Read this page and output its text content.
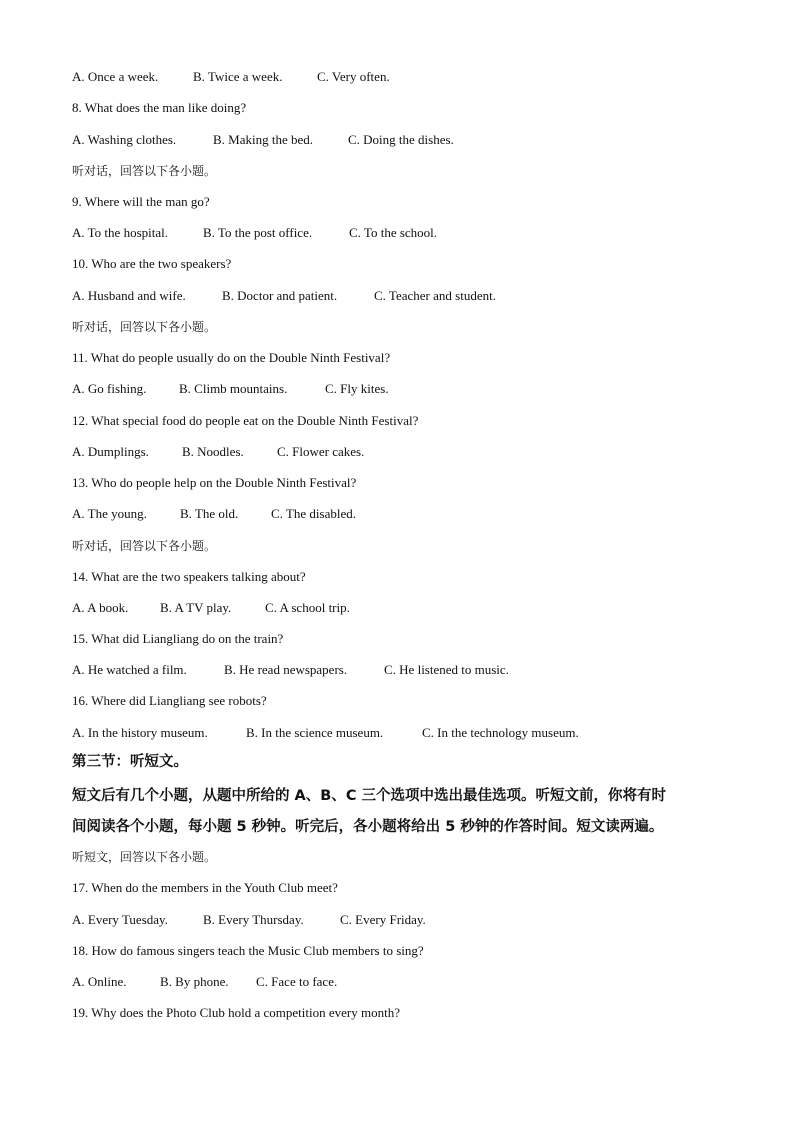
A. Once a week.	B. Twice a week.	C. Very often.
8. What does the man like doing?
A. Washing clothes.	B. Making the bed.	C. Doing the dishes.
听对话，回答以下各小题。
9. Where will the man go?
A. To the hospital.	B. To the post office.	C. To the school.
10. Who are the two speakers?
A. Husband and wife.	B. Doctor and patient.	C. Teacher and student.
听对话，回答以下各小题。
11. What do people usually do on the Double Ninth Festival?
A. Go fishing.	B. Climb mountains.	C. Fly kites.
12. What special food do people eat on the Double Ninth Festival?
A. Dumplings.	B. Noodles.	C. Flower cakes.
13. Who do people help on the Double Ninth Festival?
A. The young.	B. The old.	C. The disabled.
听对话，回答以下各小题。
14. What are the two speakers talking about?
A. A book. B. A TV play.	C. A school trip.
15. What did Liangliang do on the train?
A. He watched a film.	B. He read newspapers.	C. He listened to music.
16. Where did Liangliang see robots?
A. In the history museum.	B. In the science museum.	C. In the technology museum.
第三节：听短文。
短文后有几个小题，从题中所给的 A、B、C 三个选项中选出最佳选项。听短文前，你将有时
间阅读各个小题，每小题 5 秒钟。听完后，各小题将给出 5 秒钟的作答时间。短文读两遍。
听短文，回答以下各小题。
17. When do the members in the Youth Club meet?
A. Every Tuesday.	B. Every Thursday.	C. Every Friday.
18. How do famous singers teach the Music Club members to sing?
A. Online.	B. By phone. C. Face to face.
19. Why does the Photo Club hold a competition every month?
